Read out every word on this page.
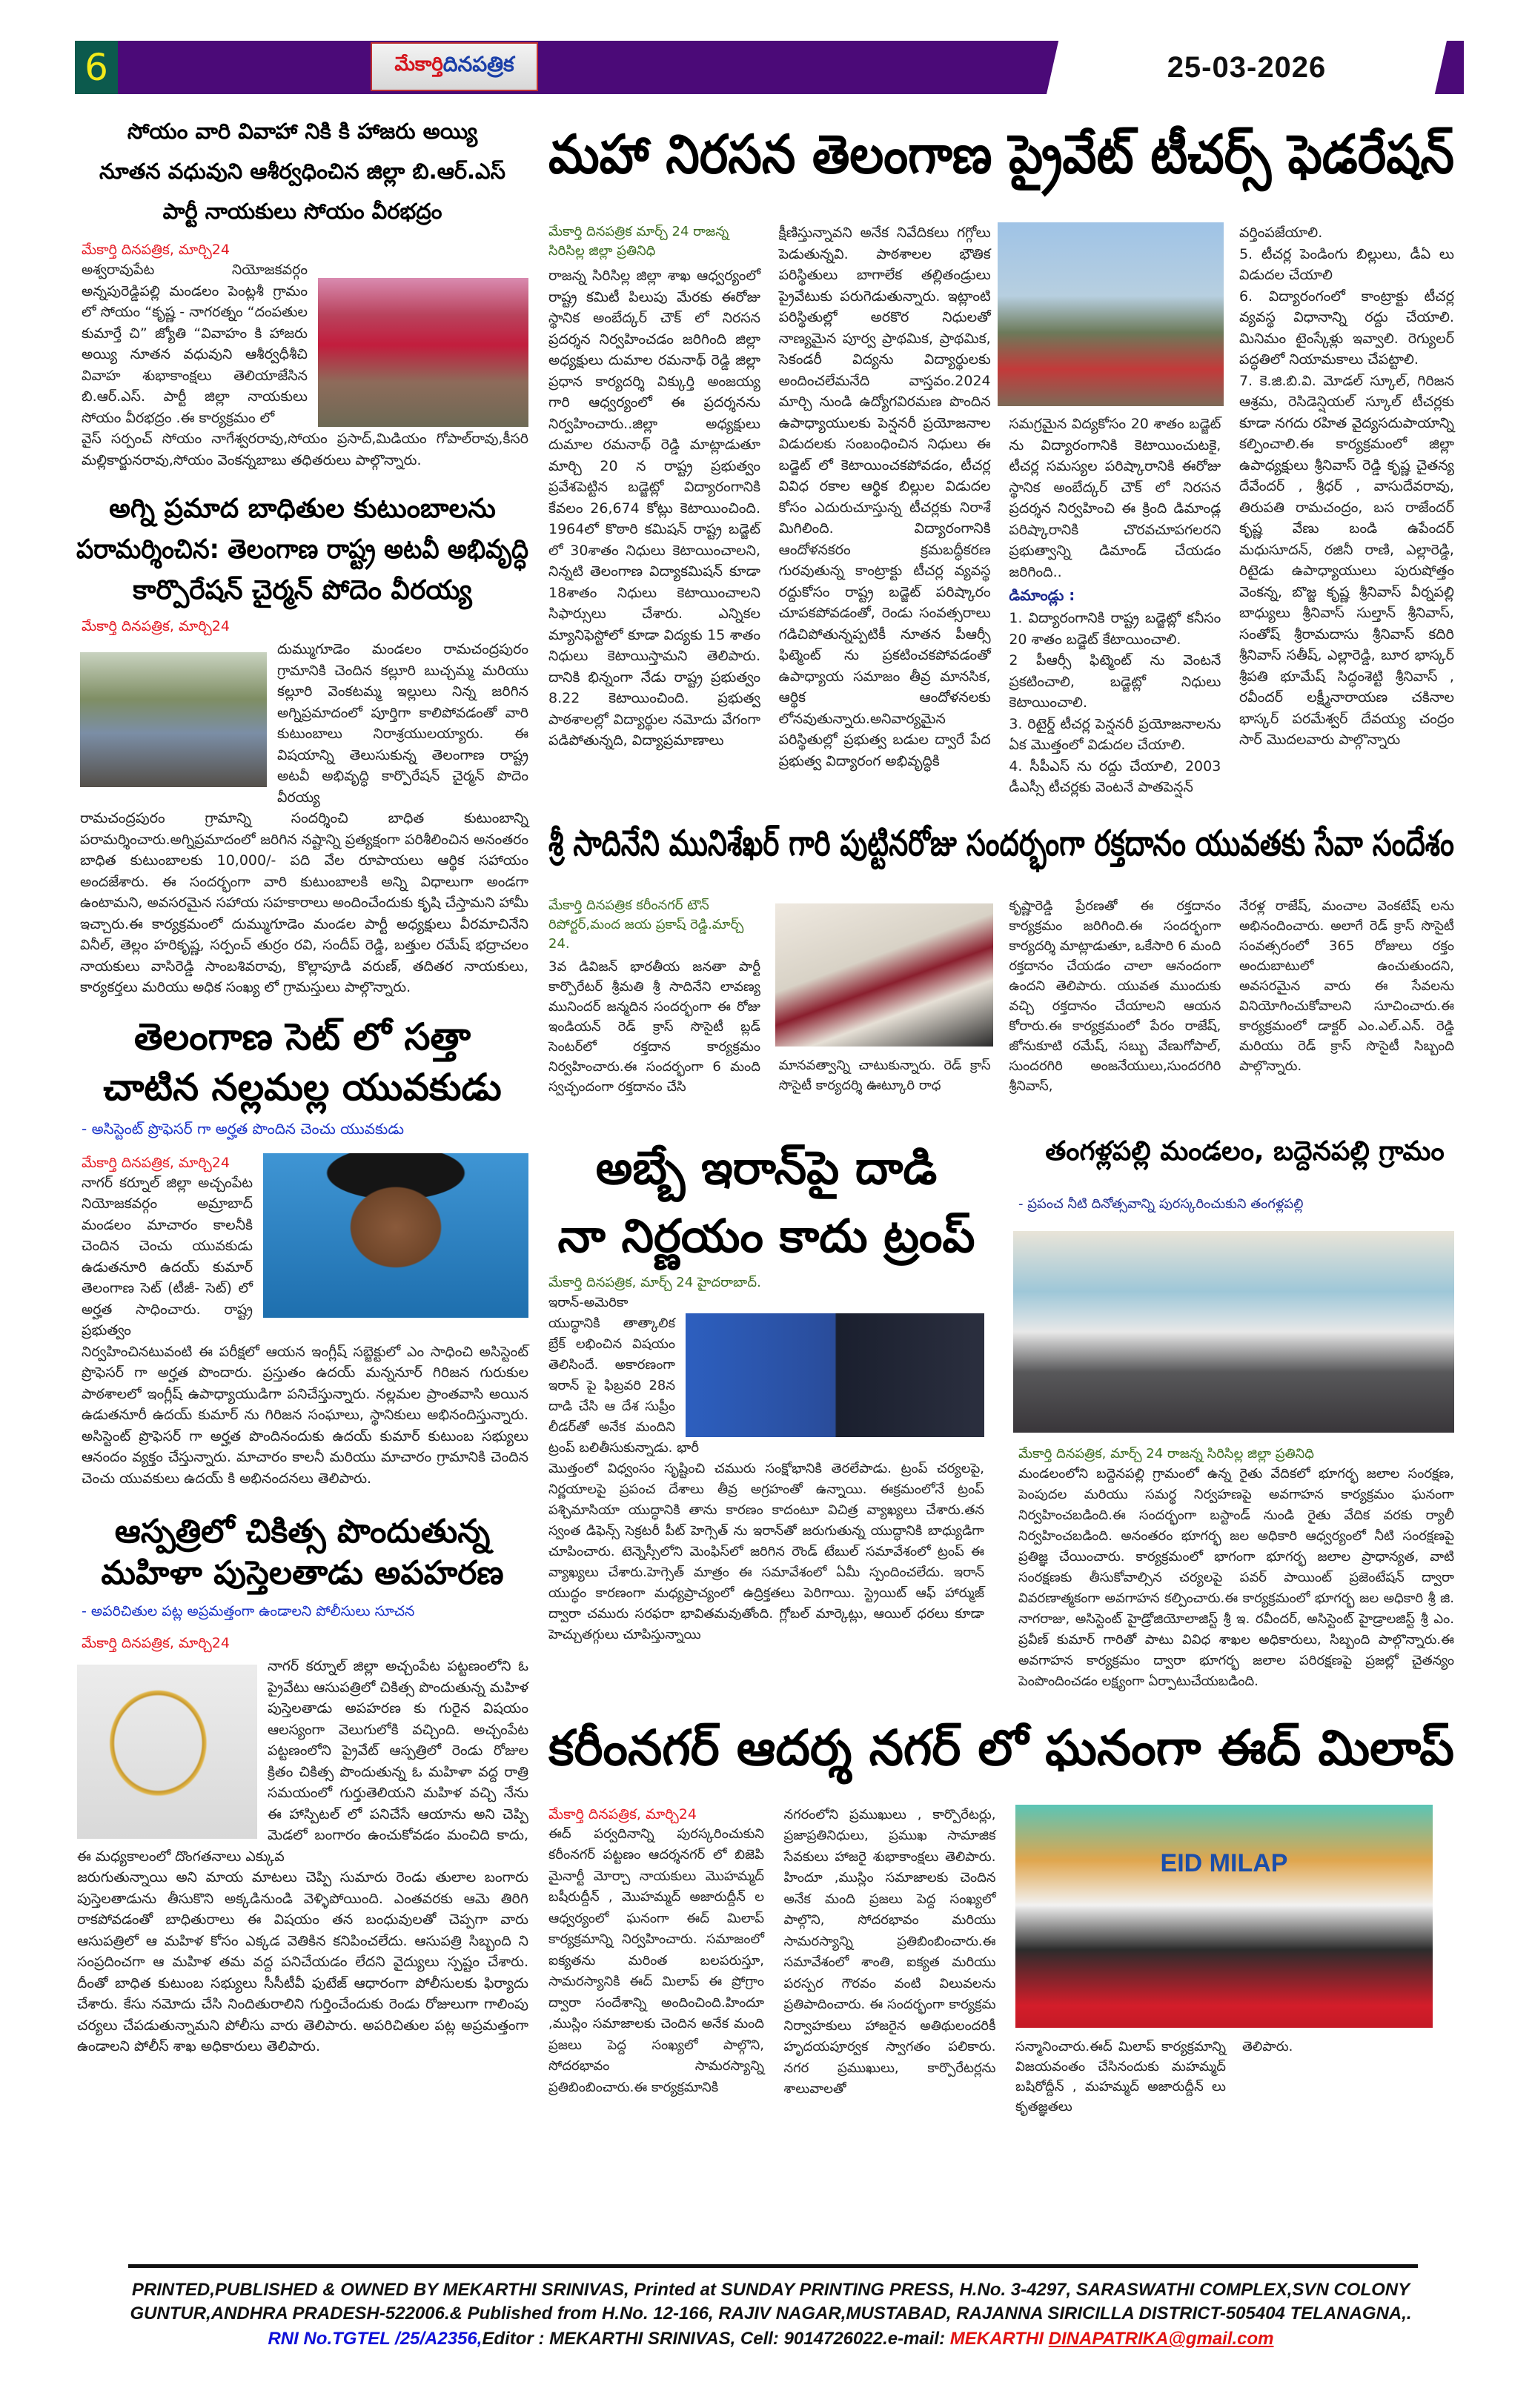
6	మేకార్తి దినపత్రిక	25-03-2026
సోయం వారి వివాహా నికి కి హాజరు అయ్యి
నూతన వధువుని ఆశీర్వధించిన జిల్లా బి.ఆర్.ఎస్
పార్టీ నాయకులు సోయం వీరభద్రం
మేకార్తి దినపత్రిక, మార్చి24
అశ్వరావుపేట నియోజకవర్గం అన్నపురెడ్డిపల్లి మండలం పెంట్లశీ గ్రామం లో సోయం “కృష్ణ - నాగరత్నం “దంపతుల కుమార్తే చి” జ్యోతి “వివాహం కి హాజరు అయ్యి నూతన వధువుని ఆశీర్వధీశీచి వివాహ శుభాకాంక్షలు తెలియాజేసిన బి.ఆర్.ఎస్. పార్టీ జిల్లా నాయకులు సోయం వీరభద్రం .ఈ కార్యక్రమం లో
వైస్ సర్పంచ్ సోయం నాగేశ్వరరావు,సోయం ప్రసాద్,మిడియం గోపాల్‌రావు,కీసరి మల్లికార్జునరావు,సోయం వెంకన్నబాబు తధితరులు పాల్గొన్నారు.
అగ్ని ప్రమాద బాధితుల కుటుంబాలను
పరామర్శించిన: తెలంగాణ రాష్ట్ర అటవీ అభివృద్ధి
కార్పొరేషన్ చైర్మన్ పోదెం వీరయ్య
మేకార్తి దినపత్రిక, మార్చి24
దుమ్ముగూడెం మండలం రామచంద్రపురం గ్రామానికి చెందిన కల్లూరి బుచ్చమ్మ మరియు కల్లూరి వెంకటమ్మ ఇల్లులు నిన్న జరిగిన అగ్నిప్రమాదంలో పూర్తిగా కాలిపోవడంతో వారి కుటుంబాలు నిరాశ్రయులయ్యారు. ఈ విషయాన్ని తెలుసుకున్న తెలంగాణ రాష్ట్ర అటవీ అభివృద్ధి కార్పొరేషన్ చైర్మన్ పొదెం వీరయ్య
రామచంద్రపురం గ్రామాన్ని సందర్శించి బాధిత కుటుంబాన్ని పరామర్శించారు.అగ్నిప్రమాదంలో జరిగిన నష్టాన్ని ప్రత్యక్షంగా పరిశీలించిన అనంతరం బాధిత కుటుంబాలకు 10,000/- పది వేల రూపాయలు ఆర్థిక సహాయం అందజేశారు. ఈ సందర్భంగా వారి కుటుంబాలకి అన్ని విధాలుగా అండగా ఉంటామని, అవసరమైన సహాయ సహకారాలు అందించేందుకు కృషి చేస్తామని హామీ ఇచ్చారు.ఈ కార్యక్రమంలో దుమ్ముగూడెం మండల పార్టీ అధ్యక్షులు వీరమాచినేని వినీల్, తెల్లం హరికృష్ణ, సర్పంచ్ తుర్రం రవి, సందీప్ రెడ్డి, బత్తుల రమేష్ భద్రాచలం నాయకులు వాసిరెడ్డి సాంబశివరావు, కొల్లాపూడి వరుణ్, తదితర నాయకులు, కార్యకర్తలు మరియు అధిక సంఖ్య లో గ్రామస్తులు పాల్గొన్నారు.
తెలంగాణ సెట్ లో సత్తా
చాటిన నల్లమల్ల యువకుడు
- అసిస్టెంట్ ప్రొఫెసర్ గా అర్హత పొందిన చెంచు యువకుడు
మేకార్తి దినపత్రిక, మార్చి24
నాగర్ కర్నూల్ జిల్లా అచ్చంపేట నియోజకవర్గం అమ్రాబాద్ మండలం మాచారం కాలనీకి చెందిన చెంచు యువకుడు ఉడుతనూరి ఉదయ్ కుమార్ తెలంగాణ సెట్ (టీజీ- సెట్) లో అర్హత సాధించారు. రాష్ట్ర ప్రభుత్వం
నిర్వహించినటువంటి ఈ పరీక్షలో ఆయన ఇంగ్లీష్ సబ్జెక్టులో ఎం సాధించి అసిస్టెంట్ ప్రొఫెసర్ గా అర్హత పొందారు. ప్రస్తుతం ఉదయ్ మన్ననూర్ గిరిజన గురుకుల పాఠశాలలో ఇంగ్లీష్ ఉపాధ్యాయుడిగా పనిచేస్తున్నారు. నల్లమల ప్రాంతవాసి అయిన ఉడుతనూరీ ఉదయ్ కుమార్ ను గిరిజన సంఘాలు, స్థానికులు అభినందిస్తున్నారు. అసిస్టెంట్ ప్రొఫెసర్ గా అర్హత పొందినందుకు ఉదయ్ కుమార్ కుటుంబ సభ్యులు ఆనందం వ్యక్తం చేస్తున్నారు. మాచారం కాలనీ మరియు మాచారం గ్రామానికి చెందిన చెంచు యువకులు ఉదయ్ కి అభినందనలు తెలిపారు.
ఆస్పత్రిలో చికిత్స పొందుతున్న
మహిళా పుస్తెలతాడు అపహరణ
- అపరిచితుల పట్ల అప్రమత్తంగా ఉండాలని పోలీసులు సూచన
మేకార్తి దినపత్రిక, మార్చి24
నాగర్ కర్నూల్ జిల్లా అచ్చంపేట పట్టణంలోని ఓ ప్రైవేటు ఆసుపత్రిలో చికిత్స పొందుతున్న మహిళ పుస్తెలతాడు అపహరణ కు గురైన విషయం ఆలస్యంగా వెలుగులోకి వచ్చింది. అచ్చంపేట పట్టణంలోని ప్రైవేట్ ఆస్పత్రిలో రెండు రోజుల క్రితం చికిత్స పొందుతున్న ఓ మహిళా వద్ద రాత్రి సమయంలో గుర్తుతెలియని మహిళ వచ్చి నేను ఈ హాస్పిటల్ లో పనిచేసే ఆయాను అని చెప్పి మెడలో బంగారం ఉంచుకోవడం మంచిది కాదు, ఈ మధ్యకాలంలో దొంగతనాలు ఎక్కువ
జరుగుతున్నాయి అని మాయ మాటలు చెప్పి సుమారు రెండు తులాల బంగారు పుస్తెలతాడును తీసుకొని అక్కడినుండి వెళ్ళిపోయింది. ఎంతవరకు ఆమె తిరిగి రాకపోవడంతో బాధితురాలు ఈ విషయం తన బంధువులతో చెప్పగా వారు ఆసుపత్రిలో ఆ మహిళ కోసం ఎక్కడ వెతికిన కనిపించలేదు. ఆసుపత్రి సిబ్బంది ని సంప్రదించగా ఆ మహిళ తమ వద్ద పనిచేయడం లేదని వైద్యులు స్పష్టం చేశారు. దీంతో బాధిత కుటుంబ సభ్యులు సీసీటీవీ ఫుటేజ్ ఆధారంగా పోలీసులకు ఫిర్యాదు చేశారు. కేసు నమోదు చేసి నిందితురాలిని గుర్తించేందుకు రెండు రోజులుగా గాలింపు చర్యలు చేపడుతున్నామని పోలీసు వారు తెలిపారు. అపరిచితుల పట్ల అప్రమత్తంగా ఉండాలని పోలీస్ శాఖ అధికారులు తెలిపారు.
మహా నిరసన తెలంగాణ ప్రైవేట్ టీచర్స్ ఫెడరేషన్
మేకార్తి దినపత్రిక మార్చ్ 24 రాజన్న సిరిసిల్ల జిల్లా ప్రతినిధి
రాజన్న సిరిసిల్ల జిల్లా శాఖ ఆధ్వర్యంలో రాష్ట్ర కమిటీ పిలుపు మేరకు ఈరోజు స్థానిక అంబేద్కర్ చౌక్ లో నిరసన ప్రదర్శన నిర్వహించడం జరిగింది జిల్లా అధ్యక్షులు దుమాల రమనాథ్ రెడ్డి జిల్లా ప్రధాన కార్యదర్శి విక్కుర్తి అంజయ్య గారి ఆధ్వర్యంలో ఈ ప్రదర్శనను నిర్వహించారు..జిల్లా అధ్యక్షులు దుమాల రమనాథ్ రెడ్డి మాట్లాడుతూ మార్చి 20 న రాష్ట్ర ప్రభుత్వం ప్రవేశపెట్టిన బడ్జెట్లో విద్యారంగానికి కేవలం 26,674 కోట్లు కెటాయించింది. 1964లో కొఠారి కమిషన్ రాష్ట్ర బడ్జెట్ లో 30శాతం నిధులు కెటాయించాలని, నిన్నటి తెలంగాణ విద్యాకమిషన్ కూడా 18శాతం నిధులు కెటాయించాలని సిఫార్సులు చేశారు. ఎన్నికల మ్యానిఫెస్టోలో కూడా విద్యకు 15 శాతం నిధులు కెటాయిస్తామని తెలిపారు. దానికి భిన్నంగా నేడు రాష్ట్ర ప్రభుత్వం 8.22 కెటాయించింది. ప్రభుత్వ పాఠశాలల్లో విద్యార్థుల నమోదు వేగంగా పడిపోతున్నది, విద్యాప్రమాణాలు
క్షీణిస్తున్నావని అనేక నివేదికలు గగ్గోలు పెడుతున్నవి. పాఠశాలల భౌతిక పరిస్థితులు బాగాలేక తల్లితండ్రులు ప్రైవేటుకు పరుగెడుతున్నారు. ఇట్లాంటి పరిస్థితుల్లో అరకొర నిధులతో నాణ్యమైన పూర్వ ప్రాథమిక, ప్రాథమిక, సెకండరీ విద్యను విద్యార్థులకు అందించలేమనేది వాస్తవం.2024 మార్చి నుండి ఉద్యోగవిరమణ పొందిన ఉపాధ్యాయులకు పెన్షనరీ ప్రయోజనాల విడుదలకు సంబంధించిన నిధులు ఈ బడ్జెట్ లో కెటాయించకపోవడం, టీచర్ల వివిధ రకాల ఆర్థిక బిల్లుల విడుదల కోసం ఎదురుచూస్తున్న టీచర్లకు నిరాశే మిగిలింది. విద్యారంగానికి ఆందోళనకరం క్రమబద్ధీకరణ గురవుతున్న కాంట్రాక్టు టీచర్ల వ్యవస్థ రద్దుకోసం రాష్ట్ర బడ్జెట్ పరిష్కారం చూపకపోవడంతో, రెండు సంవత్సరాలు గడిచిపోతున్నప్పటికీ నూతన పీఆర్సీ ఫిట్మెంట్ ను ప్రకటించకపోవడంతో ఉపాధ్యాయ సమాజం తీవ్ర మానసిక, ఆర్థిక ఆందోళనలకు లోనవుతున్నారు.అనివార్యమైన పరిస్థితుల్లో ప్రభుత్వ బడుల ద్వారే పేద ప్రభుత్వ విద్యారంగ అభివృద్ధికి
సమగ్రమైన విద్యకోసం 20 శాతం బడ్జెట్ ను విద్యారంగానికి కెటాయించుటకై, టీచర్ల సమస్యల పరిష్కారానికి ఈరోజు స్థానిక అంబేద్కర్ చౌక్ లో నిరసన ప్రదర్శన నిర్వహించి ఈ క్రింది డిమాండ్ల పరిష్కారానికి చొరవచూపగలరని ప్రభుత్వాన్ని డిమాండ్ చేయడం జరిగింది..
డిమాండ్లు :
1. విద్యారంగానికి రాష్ట్ర బడ్జెట్లో కనీసం 20 శాతం బడ్జెట్ కేటాయించాలి.
2 పీఆర్సీ ఫిట్మెంట్ ను వెంటనే ప్రకటించాలి, బడ్జెట్లో నిధులు కెటాయించాలి.
3. రిటైర్డ్ టీచర్ల పెన్షనరీ ప్రయోజనాలను ఏక మొత్తంలో విడుదల చేయాలి.
4. సీపీఎస్ ను రద్దు చేయాలి, 2003 డీఎస్సీ టీచర్లకు వెంటనే పాతపెన్షన్
వర్తింపజేయాలి.
5. టీచర్ల పెండింగు బిల్లులు, డీఏ లు విడుదల చేయాలి
6. విద్యారంగంలో కాంట్రాక్టు టీచర్ల వ్యవస్థ విధానాన్ని రద్దు చేయాలి. మినిమం టైంస్కేళ్లు ఇవ్వాలి. రెగ్యులర్ పద్ధతిలో నియామకాలు చేపట్టాలి.
7. కె.జి.బి.వి. మోడల్ స్కూల్, గిరిజన ఆశ్రమ, రెసిడెన్షియల్ స్కూల్ టీచర్లకు కూడా నగదు రహిత వైద్యసదుపాయాన్ని కల్పించాలి.ఈ కార్యక్రమంలో జిల్లా ఉపాధ్యక్షులు శ్రీనివాస్ రెడ్డి కృష్ణ చైతన్య దేవేందర్ , శ్రీధర్ , వాసుదేవరావు, తిరుపతి రామచంద్రం, బస రాజేందర్ కృష్ణ వేణు బండి ఉపేందర్ మధుసూదన్, రజినీ రాణి, ఎల్లారెడ్డి, రిటైడు ఉపాధ్యాయులు పురుషోత్తం వెంకన్న, బొజ్జ కృష్ణ శ్రీనివాస్ వీర్నపల్లి బాధ్యులు శ్రీనివాస్ సుల్తాన్ శ్రీనివాస్, సంతోష్ శ్రీరామదాసు శ్రీనివాస్ కదిరి శ్రీనివాస్ సతీష్, ఎల్లారెడ్డి, బూర భాస్కర్ శ్రీపతి భూమేష్ సిద్ధంశెట్టి శ్రీనివాస్ , రవీందర్ లక్ష్మీనారాయణ చకినాల భాస్కర్ పరమేశ్వర్ దేవయ్య చంద్రం సార్ మొదలవారు పాల్గొన్నారు
శ్రీ సాదినేని మునిశేఖర్ గారి పుట్టినరోజు సందర్భంగా రక్తదానం యువతకు సేవా సందేశం
మేకార్తి దినపత్రిక కరీంనగర్ టౌన్ రిపోర్టర్,మంద జయ ప్రకాష్ రెడ్డి.మార్చ్ 24.
3వ డివిజన్ భారతీయ జనతా పార్టీ కార్పొరేటర్ శ్రీమతి శ్రీ సాదినేని లావణ్య మునిందర్ జన్మదిన సందర్భంగా ఈ రోజు ఇండియన్ రెడ్ క్రాస్ సొసైటీ బ్లడ్ సెంటర్‌లో రక్తదాన కార్యక్రమం నిర్వహించారు.ఈ సందర్భంగా 6 మంది స్వచ్ఛందంగా రక్తదానం చేసి
మానవత్వాన్ని చాటుకున్నారు. రెడ్ క్రాస్ సొసైటీ కార్యదర్శి ఊట్కూరి రాధ
కృష్ణారెడ్డి ప్రేరణతో ఈ రక్తదానం కార్యక్రమం జరిగింది.ఈ సందర్భంగా కార్యదర్శి మాట్లాడుతూ, ఒకేసారి 6 మంది రక్తదానం చేయడం చాలా ఆనందంగా ఉందని తెలిపారు. యువత ముందుకు వచ్చి రక్తదానం చేయాలని ఆయన కోరారు.ఈ కార్యక్రమంలో పేరం రాజేష్, జోనుకూటి రమేష్, సబ్బు వేణుగోపాల్, సుందరగిరి అంజనేయులు,సుందరగిరి శ్రీనివాస్,
నేరళ్ల రాజేష్, మంచాల వెంకటేష్ లను అభినందించారు. అలాగే రెడ్ క్రాస్ సొసైటీ సంవత్సరంలో 365 రోజులు రక్తం అందుబాటులో ఉంచుతుందని, అవసరమైన వారు ఈ సేవలను వినియోగించుకోవాలని సూచించారు.ఈ కార్యక్రమంలో డాక్టర్ ఎం.ఎల్.ఎన్. రెడ్డి మరియు రెడ్ క్రాస్ సొసైటీ సిబ్బంది పాల్గొన్నారు.
అబ్బే ఇరాన్‌పై దాడి
నా నిర్ణయం కాదు ట్రంప్
మేకార్తి దినపత్రిక, మార్చ్ 24 హైదరాబాద్.
ఇరాన్-అమెరికా యుద్ధానికి తాత్కాలిక బ్రేక్ లభించిన విషయం తెలిసిందే. అకారణంగా ఇరాన్ పై ఫిబ్రవరి 28న దాడి చేసి ఆ దేశ సుప్రీం లీడర్‌తో అనేక మందిని ట్రంప్ బలితీసుకున్నాడు. భారీ
మొత్తంలో విధ్వంసం సృష్టించి చమురు సంక్షోభానికి తెరలేపాడు. ట్రంప్ చర్యలపై, నిర్ణయాలపై ప్రపంచ దేశాలు తీవ్ర అగ్రహంతో ఉన్నాయి. ఈక్రమంలోనే ట్రంప్ పశ్చిమాసియా యుద్ధానికి తాను కారణం కాదంటూ విచిత్ర వ్యాఖ్యలు చేశారు.తన స్వంత డిఫెన్స్ సెక్రటరీ పీట్ హెగ్సెత్ ను ఇరాన్‌తో జరుగుతున్న యుద్ధానికి బాధ్యుడిగా చూపించారు. టెన్నెస్సీలోని మెంఫిస్‌లో జరిగిన రౌండ్ టేబుల్ సమావేశంలో ట్రంప్ ఈ వ్యాఖ్యలు చేశారు.హెగ్సెత్ మాత్రం ఈ సమావేశంలో ఏమీ స్పందించలేదు. ఇరాన్ యుద్ధం కారణంగా మధ్యప్రాచ్యంలో ఉద్రిక్తతలు పెరిగాయి. స్ట్రెయిట్ ఆఫ్ హార్ముజ్ ద్వారా చమురు సరఫరా భావితమవుతోంది. గ్లోబల్ మార్కెట్లు, ఆయిల్ ధరలు కూడా హెచ్చుతగ్గులు చూపిస్తున్నాయి
తంగళ్లపల్లి మండలం, బద్దెనపల్లి గ్రామం
- ప్రపంచ నీటి దినోత్సవాన్ని పురస్కరించుకుని తంగళ్లపల్లి
మేకార్తి దినపత్రిక, మార్చ్ 24 రాజన్న సిరిసిల్ల జిల్లా ప్రతినిధి
మండలంలోని బద్దెనపల్లి గ్రామంలో ఉన్న రైతు వేదికలో భూగర్భ జలాల సంరక్షణ, పెంపుదల మరియు సమర్థ నిర్వహణపై అవగాహన కార్యక్రమం ఘనంగా నిర్వహించబడింది.ఈ సందర్భంగా బస్టాండ్ నుండి రైతు వేదిక వరకు ర్యాలీ నిర్వహించబడింది. అనంతరం భూగర్భ జల అధికారి ఆధ్వర్యంలో నీటి సంరక్షణపై ప్రతిజ్ఞ చేయించారు. కార్యక్రమంలో భాగంగా భూగర్భ జలాల ప్రాధాన్యత, వాటి సంరక్షణకు తీసుకోవాల్సిన చర్యలపై పవర్ పాయింట్ ప్రజెంటేషన్ ద్వారా వివరణాత్మకంగా అవగాహన కల్పించారు.ఈ కార్యక్రమంలో భూగర్భ జల అధికారి శ్రీ జి. నాగరాజు, అసిస్టెంట్ హైడ్రోజియోలాజిస్ట్ శ్రీ ఇ. రవీందర్, అసిస్టెంట్ హైడ్రాలజిస్ట్ శ్రీ ఎం. ప్రవీణ్ కుమార్ గారితో పాటు వివిధ శాఖల అధికారులు, సిబ్బంది పాల్గొన్నారు.ఈ అవగాహన కార్యక్రమం ద్వారా భూగర్భ జలాల పరిరక్షణపై ప్రజల్లో చైతన్యం పెంపొందించడం లక్ష్యంగా ఏర్పాటుచేయబడింది.
కరీంనగర్ ఆదర్శ నగర్ లో ఘనంగా ఈద్ మిలాప్
మేకార్తి దినపత్రిక, మార్చి24
ఈద్ పర్వదినాన్ని పురస్కరించుకుని కరీంనగర్ పట్టణం ఆదర్శనగర్ లో బిజెపి మైనార్టీ మోర్చా నాయకులు మొహమ్మద్ బషీరుద్దీన్ , మొహమ్మద్ అజారుద్దీన్ ల ఆధ్వర్యంలో ఘనంగా ఈద్ మిలాప్ కార్యక్రమాన్ని నిర్వహించారు. సమాజంలో ఐక్యతను మరింత బలపరుస్తూ, సామరస్యానికి ఈద్ మిలాప్ ఈ ప్రోగ్రాం ద్వారా సందేశాన్ని అందించింది.హిందూ ,ముస్లిం సమాజాలకు చెందిన అనేక మంది ప్రజలు పెద్ద సంఖ్యలో పాల్గొని, సోదరభావం సామరస్యాన్ని ప్రతిబింబించారు.ఈ కార్యక్రమానికి
నగరంలోని ప్రముఖులు , కార్పొరేటర్లు, ప్రజాప్రతినిధులు, ప్రముఖ సామాజిక సేవకులు హాజరై శుభాకాంక్షలు తెలిపారు. హిందూ ,ముస్లిం సమాజాలకు చెందిన అనేక మంది ప్రజలు పెద్ద సంఖ్యలో పాల్గొని, సోదరభావం మరియు సామరస్యాన్ని ప్రతిబింబించారు.ఈ సమావేశంలో శాంతి, ఐక్యత మరియు పరస్పర గౌరవం వంటి విలువలను ప్రతిపాదించారు. ఈ సందర్భంగా కార్యక్రమ నిర్వాహకులు హాజరైన అతిథులందరికీ హృదయపూర్వక స్వాగతం పలికారు. నగర ప్రముఖులు, కార్పొరేటర్లను శాలువాలతో
EID MILAP
సన్మానించారు.ఈద్ మిలాప్ కార్యక్రమాన్ని విజయవంతం చేసినందుకు మహమ్మద్ బషిరోద్దీన్ , మహమ్మద్ అజారుద్దీన్ లు కృతజ్ఞతలు
తెలిపారు.
PRINTED,PUBLISHED & OWNED BY MEKARTHI SRINIVAS, Printed at SUNDAY PRINTING PRESS, H.No. 3-4297, SARASWATHI COMPLEX,SVN COLONY
GUNTUR,ANDHRA PRADESH-522006.& Published from H.No. 12-166, RAJIV NAGAR,MUSTABAD, RAJANNA SIRICILLA DISTRICT-505404 TELANAGNA,.
RNI No.TGTEL /25/A2356,Editor : MEKARTHI SRINIVAS, Cell: 9014726022.e-mail: MEKARTHI DINAPATRIKA@gmail.com
